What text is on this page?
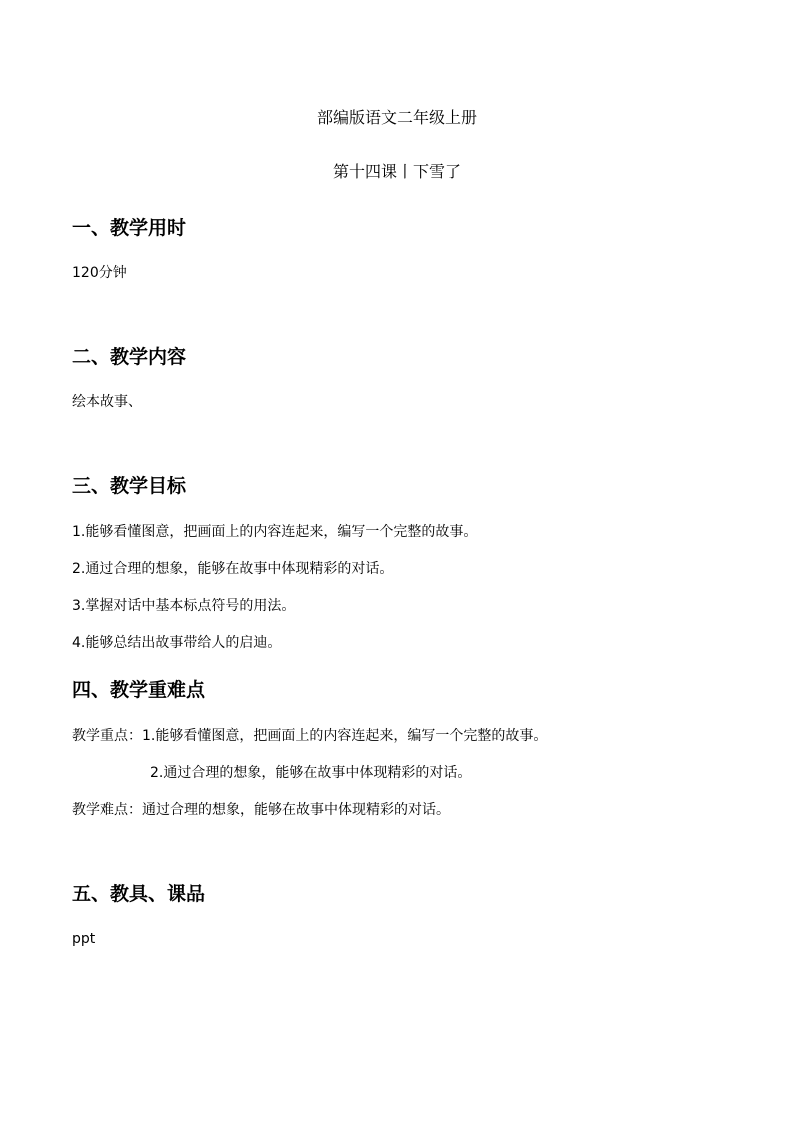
部编版语文二年级上册
第十四课丨下雪了
一、教学用时
120分钟
二、教学内容
绘本故事、
三、教学目标
1.能够看懂图意，把画面上的内容连起来，编写一个完整的故事。
2.通过合理的想象，能够在故事中体现精彩的对话。
3.掌握对话中基本标点符号的用法。
4.能够总结出故事带给人的启迪。
四、教学重难点
教学重点：1.能够看懂图意，把画面上的内容连起来，编写一个完整的故事。
2.通过合理的想象，能够在故事中体现精彩的对话。
教学难点：通过合理的想象，能够在故事中体现精彩的对话。
五、教具、课品
ppt
